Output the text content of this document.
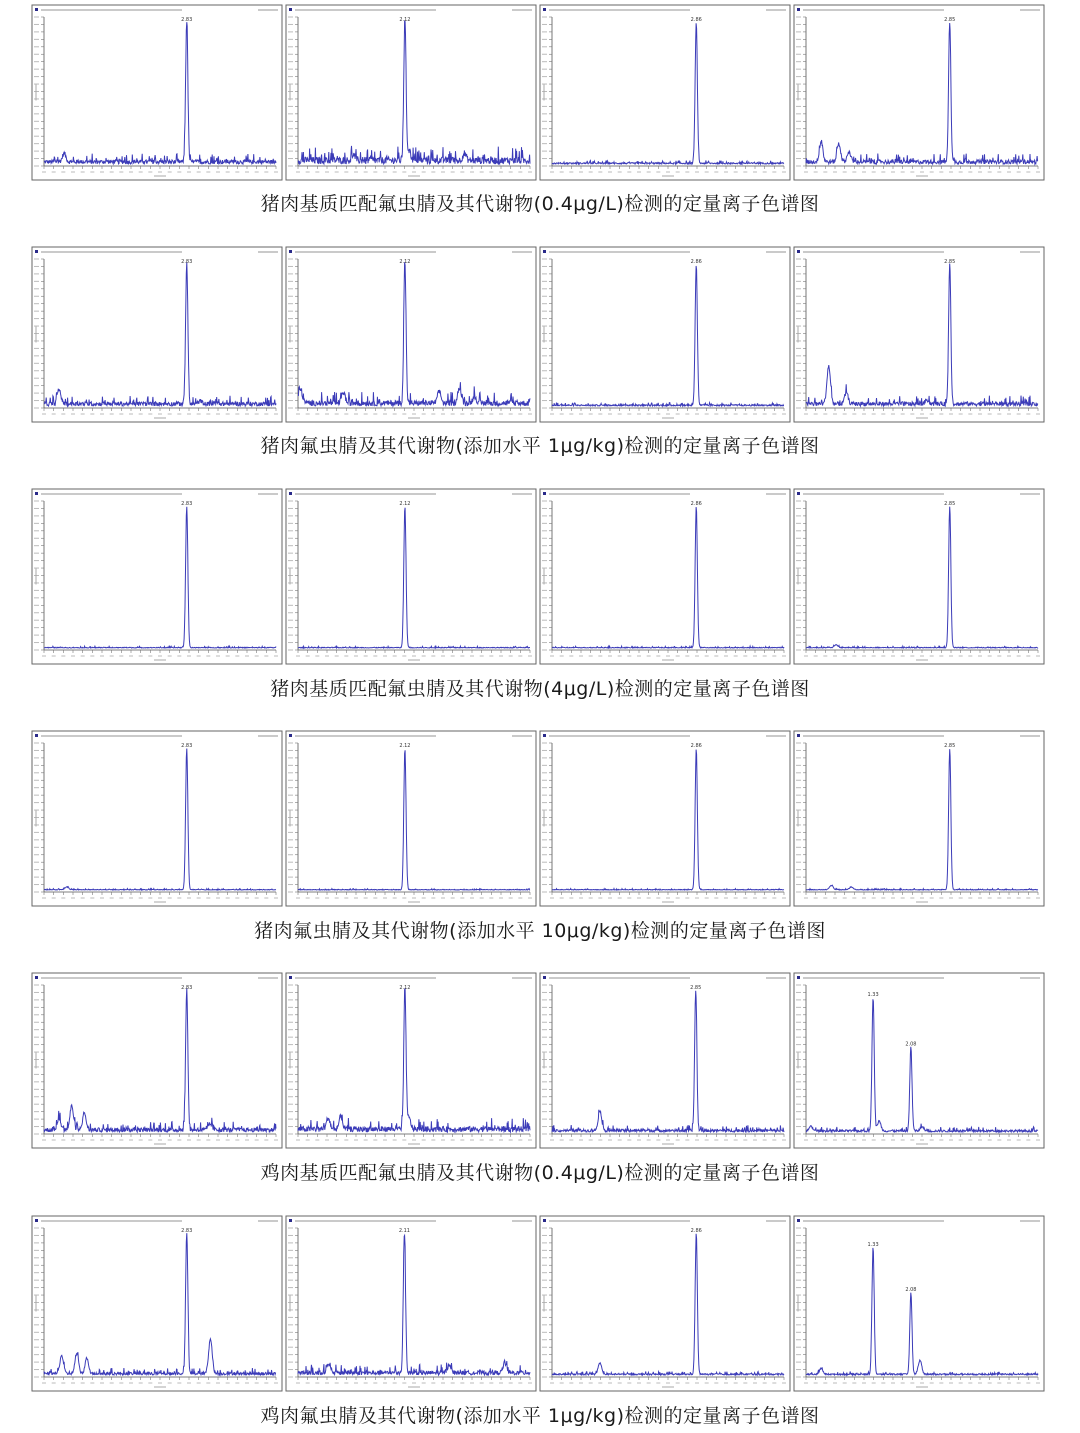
2.83	2.12	2.86	2.85
2.83	2.12	2.86	2.85
2.83	2.12	2.86	2.85
2.83	2.12	2.86	2.85
2.83	2.12	2.85
1.33
2.08
2.83	2.11	2.86
1.33
2.08
猪肉基质匹配氟虫腈及其代谢物(0.4μg/L)检测的定量离子色谱图
猪肉氟虫腈及其代谢物(添加水平 1μg/kg)检测的定量离子色谱图
猪肉基质匹配氟虫腈及其代谢物(4μg/L)检测的定量离子色谱图
猪肉氟虫腈及其代谢物(添加水平 10μg/kg)检测的定量离子色谱图
鸡肉基质匹配氟虫腈及其代谢物(0.4μg/L)检测的定量离子色谱图
鸡肉氟虫腈及其代谢物(添加水平 1μg/kg)检测的定量离子色谱图
